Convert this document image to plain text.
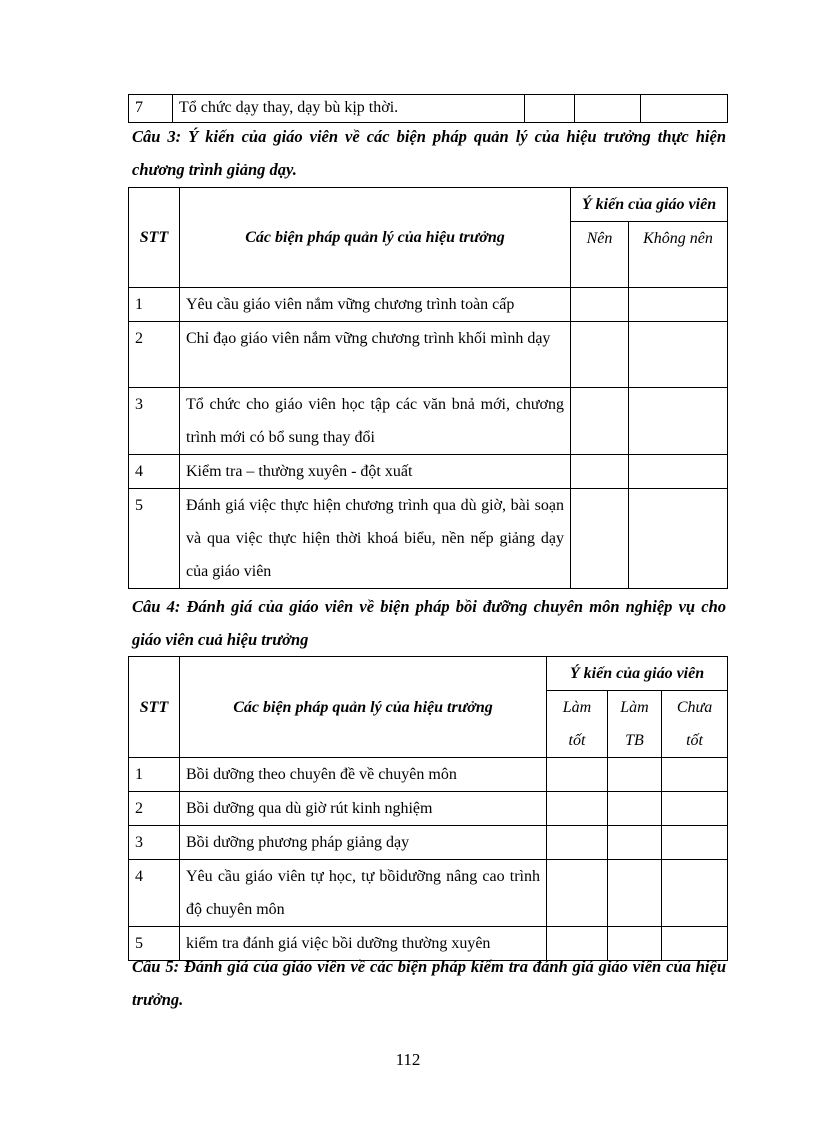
7	Tổ chức dạy thay, dạy bù kịp thời.			
Câu 3: Ý kiến của giáo viên về các biện pháp quản lý của hiệu trưởng thực hiện chương trình giảng dạy.
STT	Các biện pháp quản lý của hiệu trưởng	Ý kiến của giáo viên	
		Nên	Không nên
1	Yêu cầu giáo viên nắm vững chương trình toàn cấp		
2	Chỉ đạo giáo viên nắm vững chương trình khối mình dạy		
3	Tổ chức cho giáo viên học tập các văn bnả mới, chương trình mới có bổ sung thay đổi		
4	Kiểm tra – thường xuyên - đột xuất		
5	Đánh giá việc thực hiện chương trình qua dù giờ, bài soạn và qua việc thực hiện thời khoá biểu, nền nếp giảng dạy của giáo viên		
Câu 4: Đánh giá của giáo viên về biện pháp bồi đưỡng chuyên môn nghiệp vụ cho giáo viên cuả hiệu trưởng
STT	Các biện pháp quản lý của hiệu trưởng	Ý kiến của giáo viên		
		Làm tốt	Làm TB	Chưa tốt
1	Bồi dưỡng theo chuyên đề về chuyên môn			
2	Bồi dưỡng qua dù giờ rút kinh nghiệm			
3	Bồi dưỡng phương pháp giảng dạy			
4	Yêu cầu giáo viên tự học, tự bồidưỡng nâng cao trình độ chuyên môn			
5	kiểm tra đánh giá việc bồi dưỡng thường xuyên			
Câu 5: Đánh giá của giáo viên về các biện pháp kiểm tra đánh giá giáo viên của hiệu trưởng.
112
